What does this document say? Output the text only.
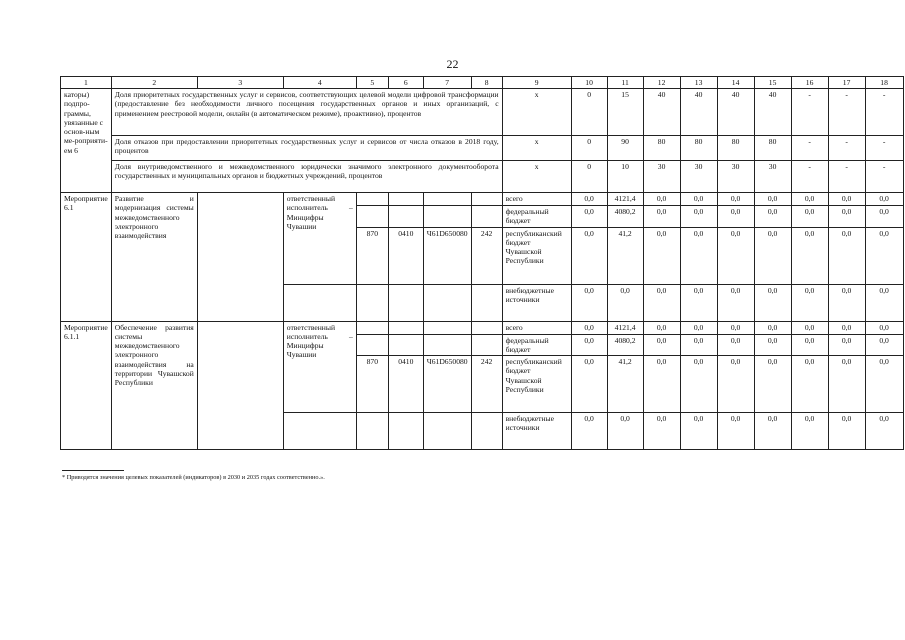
22
1	2	3	4	5	6	7	8	9	10	11	12	13	14	15	16	17	18
каторы) подпро-граммы, увязанные с основ-ным ме-роприяти-ем 6	Доля приоритетных государственных услуг и сервисов, соответствующих целевой модели цифровой трансформации (предоставление без необходимости личного посещения государственных органов и иных организаций, с применением реестровой модели, онлайн (в автоматическом режиме), проактивно), процентов							х	0	15	40	40	40	40	-	-	-
	Доля отказов при предоставлении приоритетных государственных услуг и сервисов от числа отказов в 2018 году, процентов							х	0	90	80	80	80	80	-	-	-
	Доля внутриведомственного и межведомственного юридически значимого электронного документооборота государственных и муниципальных органов и бюджетных учреждений, процентов							х	0	10	30	30	30	30	-	-	-
Мероприятие 6.1	Развитие и модернизация системы межведомственного электронного взаимодействия		ответственный исполнитель – Минцифры Чувашии					всего	0,0	4121,4	0,0	0,0	0,0	0,0	0,0	0,0	0,0
								федеральный бюджет	0,0	4080,2	0,0	0,0	0,0	0,0	0,0	0,0	0,0
				870	0410	Ч61D650080	242	республиканский бюджет Чувашской Республики	0,0	41,2	0,0	0,0	0,0	0,0	0,0	0,0	0,0
								внебюджетные источники	0,0	0,0	0,0	0,0	0,0	0,0	0,0	0,0	0,0
Мероприятие 6.1.1	Обеспечение развития системы межведомственного электронного взаимодействия на территории Чувашской Республики		ответственный исполнитель – Минцифры Чувашии					всего	0,0	4121,4	0,0	0,0	0,0	0,0	0,0	0,0	0,0
								федеральный бюджет	0,0	4080,2	0,0	0,0	0,0	0,0	0,0	0,0	0,0
				870	0410	Ч61D650080	242	республиканский бюджет Чувашской Республики	0,0	41,2	0,0	0,0	0,0	0,0	0,0	0,0	0,0
								внебюджетные источники	0,0	0,0	0,0	0,0	0,0	0,0	0,0	0,0	0,0
* Приводятся значения целевых показателей (индикаторов) в 2030 и 2035 годах соответственно.».
